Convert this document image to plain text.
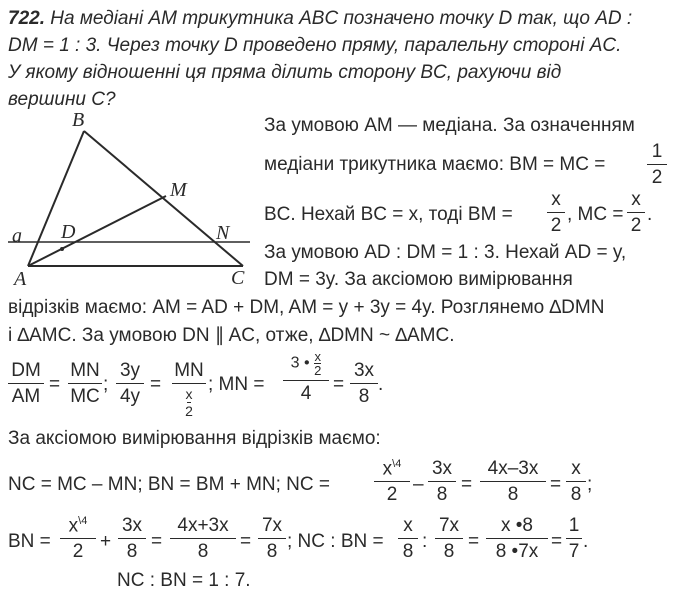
722. На медіані AM трикутника ABC позначено точку D так, що AD :
DM = 1 : 3. Через точку D проведено пряму, паралельну стороні AC.
У якому відношенні ця пряма ділить сторону BC, рахуючи від
вершини C?
B
M
a D	N
A	C
За умовою AM — медіана. За означенням
медіани трикутника маємо: BM = MC =
1
2
BC. Нехай BC = x, тоді BM =
x
2
, MC =
x
2
.
За умовою AD : DM = 1 : 3. Нехай AD = y,
DM = 3y. За аксіомою вимірювання
відрізків маємо: AM = AD + DM, AM = y + 3y = 4y. Розглянемо ∆DMN
і ∆AMC. За умовою DN ∥ AC, отже, ∆DMN ~ ∆AMC.
DM
AM
=
MN
MC
;
3y
4y
=
MN
$\frac{x}{2}$
; MN =
3 • $\frac{x}{2}$
4	=
3x
8
.
За аксіомою вимірювання відрізків маємо:
NC = MC – MN; BN = BM + MN; NC =
$x^{\backslash 4}$
2 –
3x
8 =
4x–3x
8	=
x
8 ;
BN =
$x^{\backslash 4}$
2 +
3x
8 =
4x+3x
8	=
7x
8 ; NC : BN =
x
8 :
7x
8 =
x •8
8 •7x =
1
7 .
NC : BN = 1 : 7.
